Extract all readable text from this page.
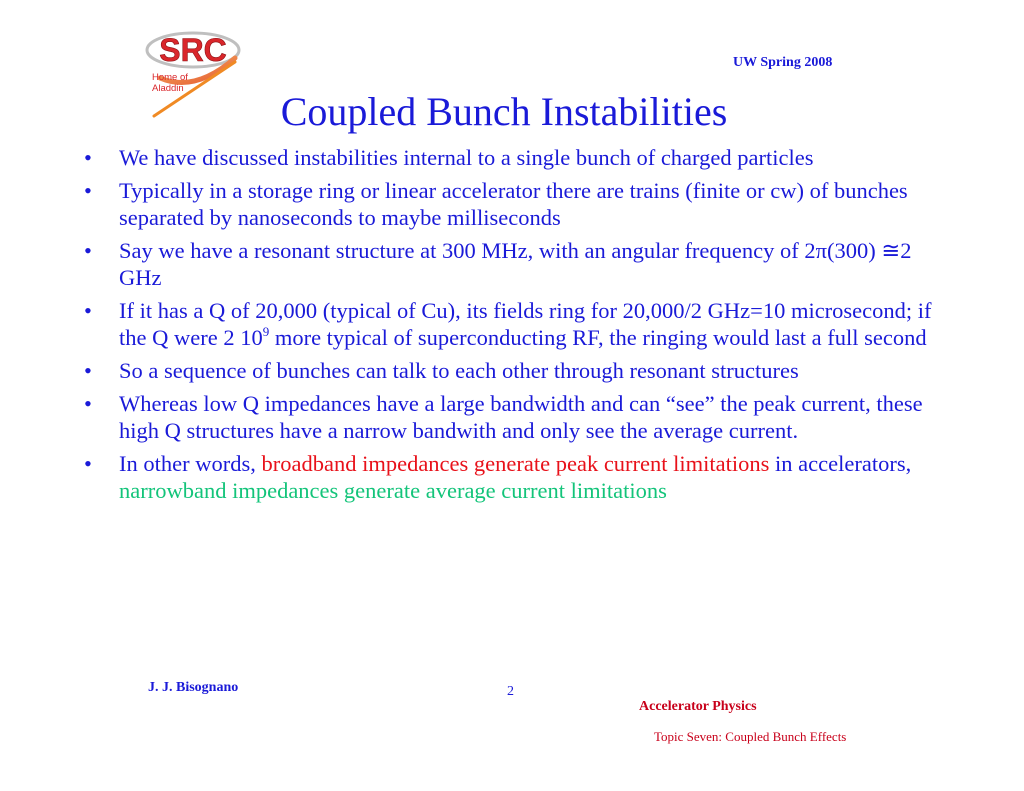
SRC
Home of
Aladdin
UW Spring 2008
Coupled Bunch Instabilities
• We have discussed instabilities internal to a single bunch of charged particles
• Typically in a storage ring or linear accelerator there are trains (finite or cw) of bunches separated by nanoseconds to maybe milliseconds
• Say we have a resonant structure at 300 MHz, with an angular frequency of 2π(300) ≅2 GHz
• If it has a Q of 20,000 (typical of Cu), its fields ring for 20,000/2 GHz=10 microsecond; if the Q were 2 $10^9$ more typical of superconducting RF, the ringing would last a full second
• So a sequence of bunches can talk to each other through resonant structures
• Whereas low Q impedances have a large bandwidth and can “see” the peak current, these high Q structures have a narrow bandwith and only see the average current.
• In other words, broadband impedances generate peak current limitations in accelerators, narrowband impedances generate average current limitations
J. J. Bisognano	2
Accelerator Physics
Topic Seven: Coupled Bunch Effects
